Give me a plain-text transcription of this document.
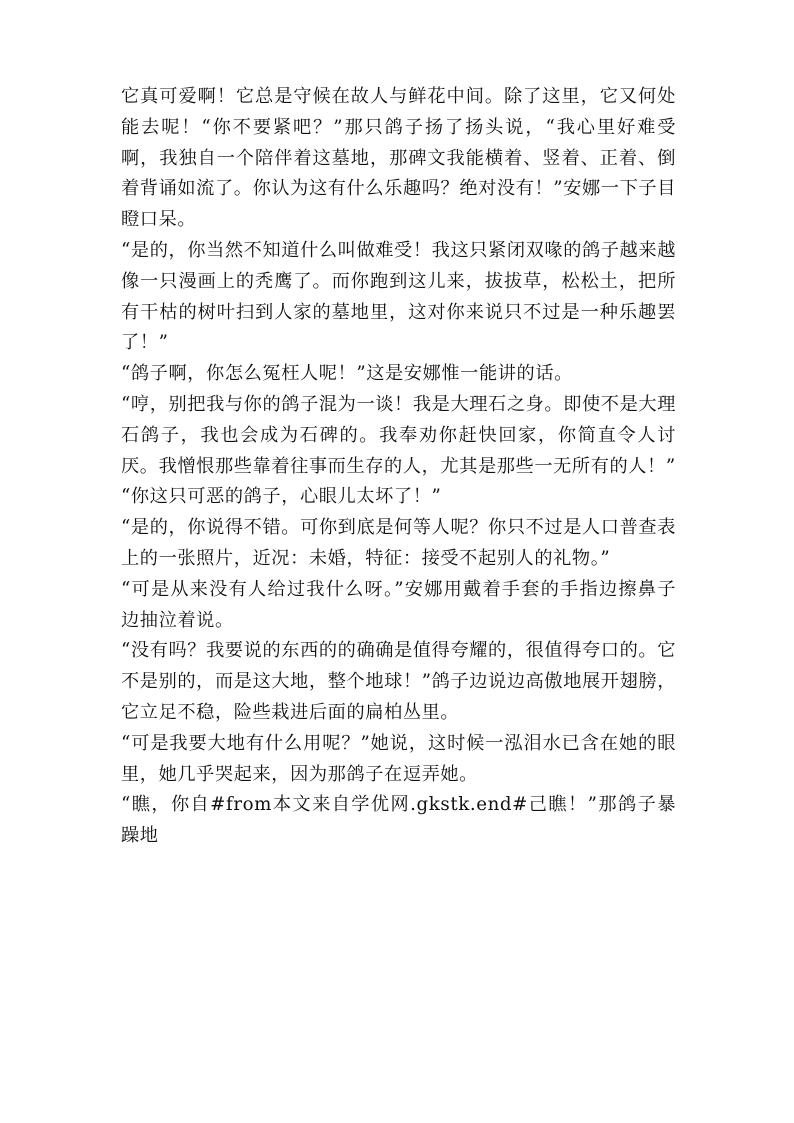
它真可爱啊！它总是守候在故人与鲜花中间。除了这里，它又何处能去呢！“你不要紧吧？”那只鸽子扬了扬头说，“我心里好难受啊，我独自一个陪伴着这墓地，那碑文我能横着、竖着、正着、倒着背诵如流了。你认为这有什么乐趣吗？绝对没有！”安娜一下子目瞪口呆。

“是的，你当然不知道什么叫做难受！我这只紧闭双喙的鸽子越来越像一只漫画上的秃鹰了。而你跑到这儿来，拔拔草，松松土，把所有干枯的树叶扫到人家的墓地里，这对你来说只不过是一种乐趣罢了！”

“鸽子啊，你怎么冤枉人呢！”这是安娜惟一能讲的话。

“哼，别把我与你的鸽子混为一谈！我是大理石之身。即使不是大理石鸽子，我也会成为石碑的。我奉劝你赶快回家，你简直令人讨厌。我憎恨那些靠着往事而生存的人，尤其是那些一无所有的人！”

“你这只可恶的鸽子，心眼儿太坏了！”

“是的，你说得不错。可你到底是何等人呢？你只不过是人口普查表上的一张照片，近况：未婚，特征：接受不起别人的礼物。”

“可是从来没有人给过我什么呀。”安娜用戴着手套的手指边擦鼻子边抽泣着说。

“没有吗？我要说的东西的的确确是值得夸耀的，很值得夸口的。它不是别的，而是这大地，整个地球！”鸽子边说边高傲地展开翅膀，它立足不稳，险些栽进后面的扁柏丛里。

“可是我要大地有什么用呢？”她说，这时候一泓泪水已含在她的眼里，她几乎哭起来，因为那鸽子在逗弄她。

“瞧，你自#from本文来自学优网.gkstk.end#己瞧！”那鸽子暴躁地
